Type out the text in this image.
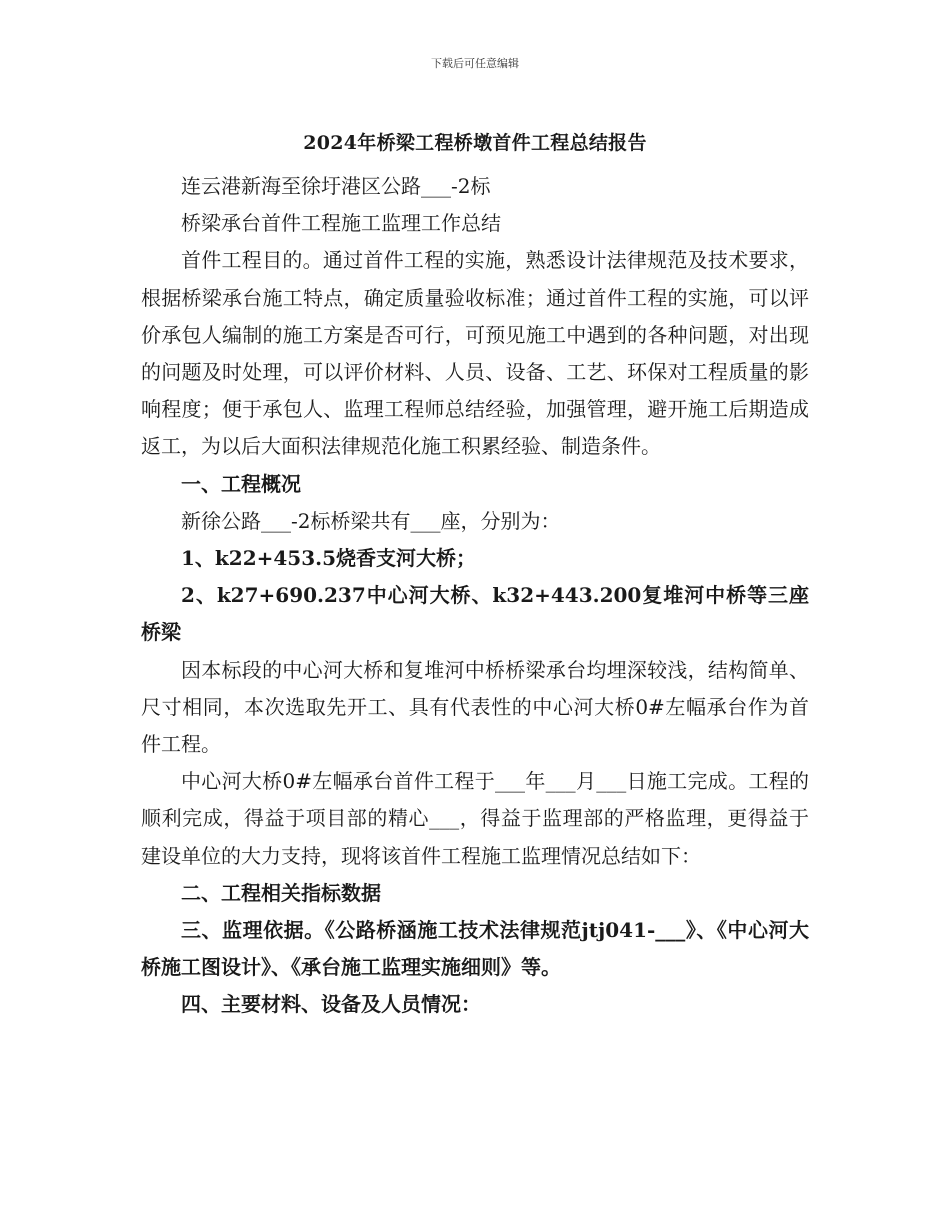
下载后可任意编辑
2024年桥梁工程桥墩首件工程总结报告

连云港新海至徐圩港区公路___-2标

桥梁承台首件工程施工监理工作总结

首件工程目的。通过首件工程的实施，熟悉设计法律规范及技术要求，根据桥梁承台施工特点，确定质量验收标准；通过首件工程的实施，可以评价承包人编制的施工方案是否可行，可预见施工中遇到的各种问题，对出现的问题及时处理，可以评价材料、人员、设备、工艺、环保对工程质量的影响程度；便于承包人、监理工程师总结经验，加强管理，避开施工后期造成返工，为以后大面积法律规范化施工积累经验、制造条件。

一、工程概况

新徐公路___-2标桥梁共有___座，分别为：

1、k22+453.5烧香支河大桥；

2、k27+690.237中心河大桥、k32+443.200复堆河中桥等三座桥梁

因本标段的中心河大桥和复堆河中桥桥梁承台均埋深较浅，结构简单、尺寸相同，本次选取先开工、具有代表性的中心河大桥0#左幅承台作为首件工程。

中心河大桥0#左幅承台首件工程于___年___月___日施工完成。工程的顺利完成，得益于项目部的精心___，得益于监理部的严格监理，更得益于建设单位的大力支持，现将该首件工程施工监理情况总结如下：

二、工程相关指标数据

三、监理依据。《公路桥涵施工技术法律规范jtj041-___》、《中心河大桥施工图设计》、《承台施工监理实施细则》等。

四、主要材料、设备及人员情况：
